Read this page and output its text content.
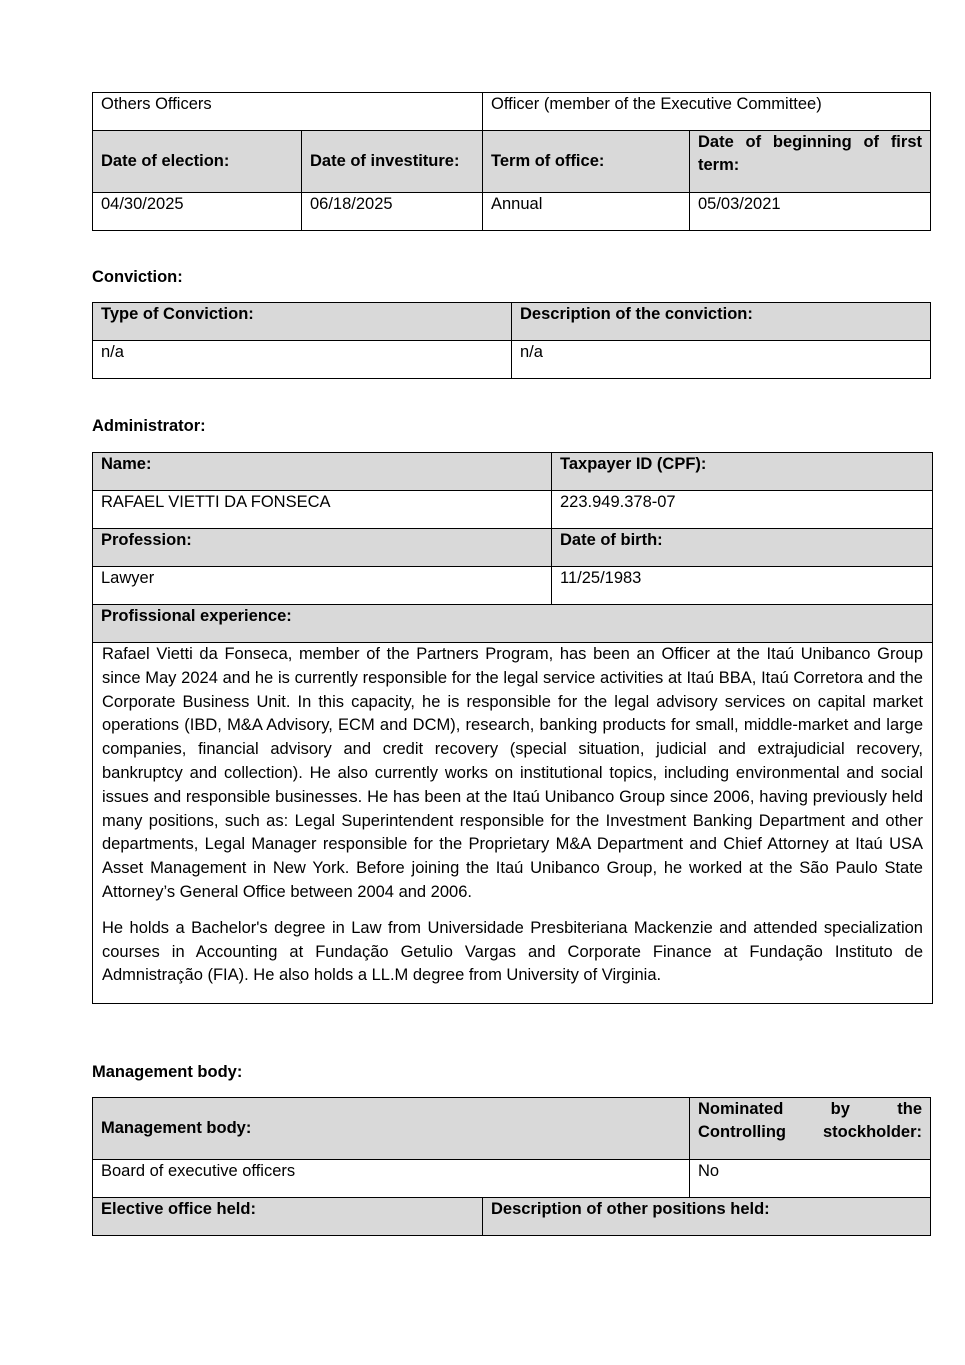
Others Officers		Officer (member of the Executive Committee)	
Date of election:	Date of investiture:	Term of office:	Date of beginning of first term:
04/30/2025	06/18/2025	Annual	05/03/2021

Conviction:

Type of Conviction:	Description of the conviction:
n/a	n/a

Administrator:

Name:	Taxpayer ID (CPF):
RAFAEL VIETTI DA FONSECA	223.949.378-07
Profession:	Date of birth:
Lawyer	11/25/1983
Profissional experience:	

Rafael Vietti da Fonseca, member of the Partners Program, has been an Officer at the Itaú Unibanco Group since May 2024 and he is currently responsible for the legal service activities at Itaú BBA, Itaú Corretora and the Corporate Business Unit. In this capacity, he is responsible for the legal advisory services on capital market operations (IBD, M&A Advisory, ECM and DCM), research, banking products for small, middle-market and large companies, financial advisory and credit recovery (special situation, judicial and extrajudicial recovery, bankruptcy and collection). He also currently works on institutional topics, including environmental and social issues and responsible businesses. He has been at the Itaú Unibanco Group since 2006, having previously held many positions, such as: Legal Superintendent responsible for the Investment Banking Department and other departments, Legal Manager responsible for the Proprietary M&A Department and Chief Attorney at Itaú USA Asset Management in New York. Before joining the Itaú Unibanco Group, he worked at the São Paulo State Attorney’s General Office between 2004 and 2006.

He holds a Bachelor's degree in Law from Universidade Presbiteriana Mackenzie and attended specialization courses in Accounting at Fundação Getulio Vargas and Corporate Finance at Fundação Instituto de Admnistração (FIA). He also holds a LL.M degree from University of Virginia.	

Management body:

Management body:		Nominated by the Controlling stockholder:
Board of executive officers		No
Elective office held:	Description of other positions held:	
